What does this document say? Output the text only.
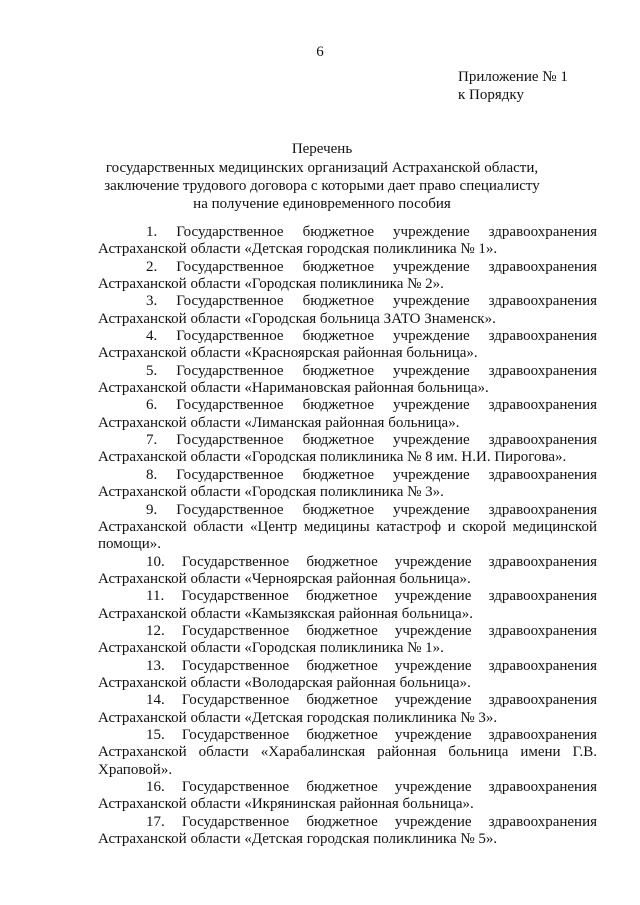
6
Приложение № 1
к Порядку
Перечень
государственных медицинских организаций Астраханской области, заключение трудового договора с которыми дает право специалисту на получение единовременного пособия
1. Государственное бюджетное учреждение здравоохранения Астраханской области «Детская городская поликлиника № 1».
2. Государственное бюджетное учреждение здравоохранения Астраханской области «Городская поликлиника № 2».
3. Государственное бюджетное учреждение здравоохранения Астраханской области «Городская больница ЗАТО Знаменск».
4. Государственное бюджетное учреждение здравоохранения Астраханской области «Красноярская районная больница».
5. Государственное бюджетное учреждение здравоохранения Астраханской области «Наримановская районная больница».
6. Государственное бюджетное учреждение здравоохранения Астраханской области «Лиманская районная больница».
7. Государственное бюджетное учреждение здравоохранения Астраханской области «Городская поликлиника № 8 им. Н.И. Пирогова».
8. Государственное бюджетное учреждение здравоохранения Астраханской области «Городская поликлиника № 3».
9. Государственное бюджетное учреждение здравоохранения Астраханской области «Центр медицины катастроф и скорой медицинской помощи».
10. Государственное бюджетное учреждение здравоохранения Астраханской области «Черноярская районная больница».
11. Государственное бюджетное учреждение здравоохранения Астраханской области «Камызякская районная больница».
12. Государственное бюджетное учреждение здравоохранения Астраханской области «Городская поликлиника № 1».
13. Государственное бюджетное учреждение здравоохранения Астраханской области «Володарская районная больница».
14. Государственное бюджетное учреждение здравоохранения Астраханской области «Детская городская поликлиника № 3».
15. Государственное бюджетное учреждение здравоохранения Астраханской области «Харабалинская районная больница имени Г.В. Храповой».
16. Государственное бюджетное учреждение здравоохранения Астраханской области «Икрянинская районная больница».
17. Государственное бюджетное учреждение здравоохранения Астраханской области «Детская городская поликлиника № 5».
